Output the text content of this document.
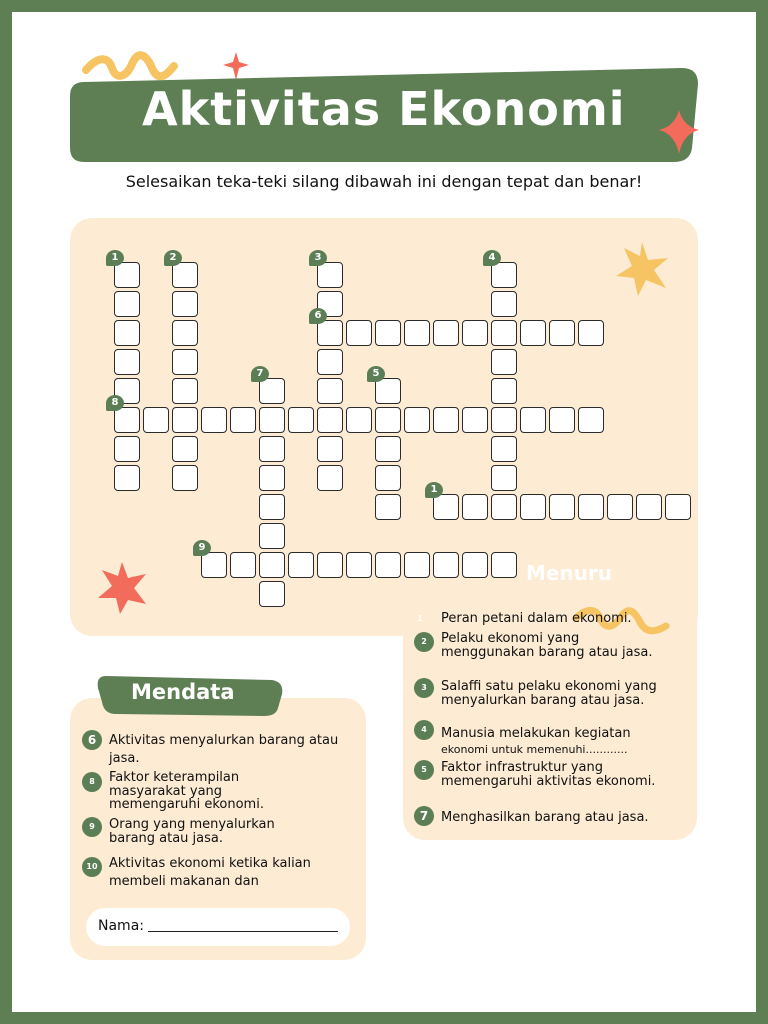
Aktivitas Ekonomi
Selesaikan teka-teki silang dibawah ini dengan tepat dan benar!
1	2	3	4
6
7	5
8
1
9
Menuru
1	Peran petani dalam ekonomi.
2	Pelaku ekonomi yang menggunakan barang atau jasa.
3	Salaffi satu pelaku ekonomi yang menyalurkan barang atau jasa.
4	Manusia melakukan kegiatan
ekonomi untuk memenuhi............
5	Faktor infrastruktur yang memengaruhi aktivitas ekonomi.
7 Menghasilkan barang atau jasa.
Mendata
6 Aktivitas menyalurkan barang atau jasa.
8	Faktor keterampilan masyarakat yang memengaruhi ekonomi.
9	Orang yang menyalurkan barang atau jasa.
10 Aktivitas ekonomi ketika kalian membeli makanan dan
Nama:
